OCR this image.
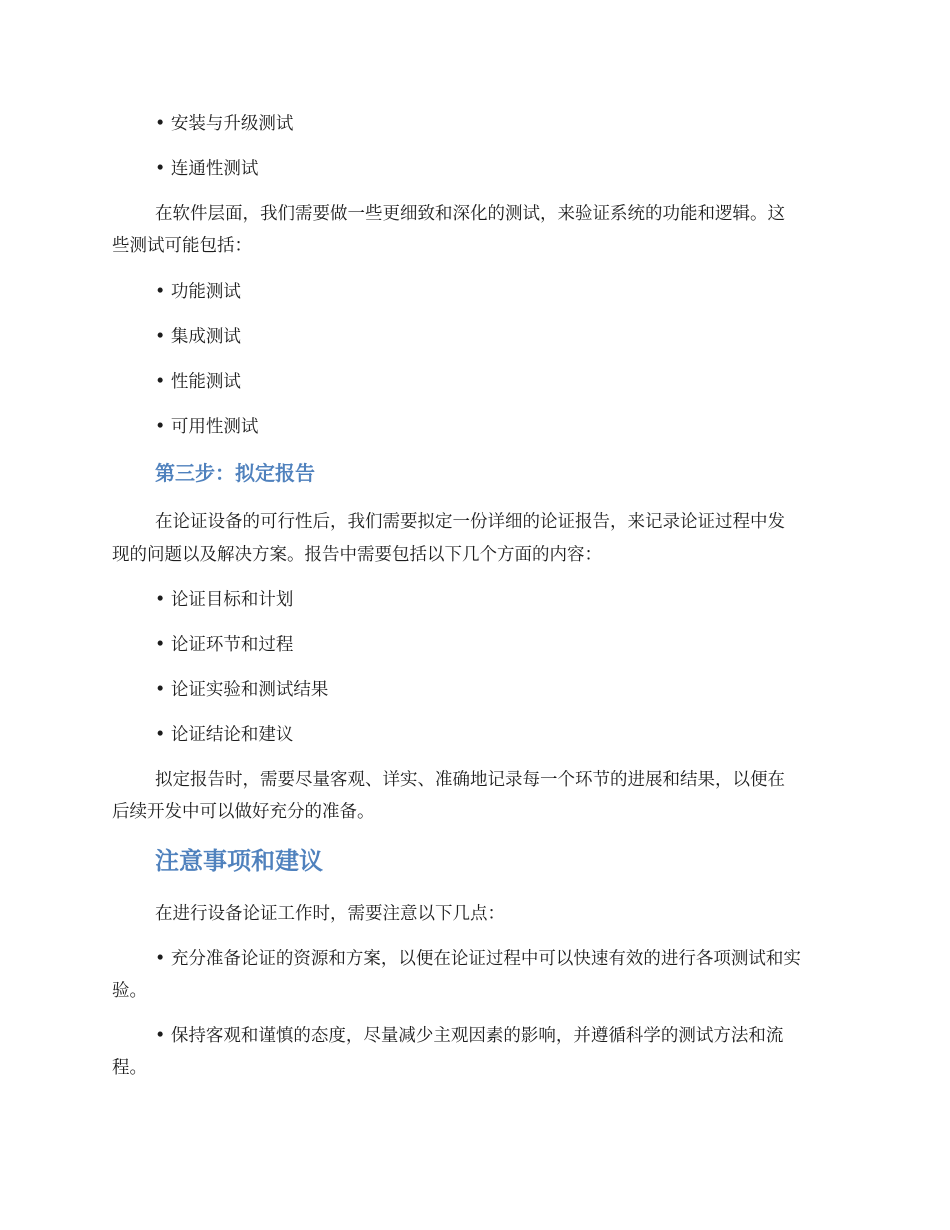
• 安装与升级测试
• 连通性测试
在软件层面，我们需要做一些更细致和深化的测试，来验证系统的功能和逻辑。这
些测试可能包括：
• 功能测试
• 集成测试
• 性能测试
• 可用性测试
第三步：拟定报告
在论证设备的可行性后，我们需要拟定一份详细的论证报告，来记录论证过程中发
现的问题以及解决方案。报告中需要包括以下几个方面的内容：
• 论证目标和计划
• 论证环节和过程
• 论证实验和测试结果
• 论证结论和建议
拟定报告时，需要尽量客观、详实、准确地记录每一个环节的进展和结果，以便在
后续开发中可以做好充分的准备。
注意事项和建议
在进行设备论证工作时，需要注意以下几点：
• 充分准备论证的资源和方案，以便在论证过程中可以快速有效的进行各项测试和实
验。
• 保持客观和谨慎的态度，尽量减少主观因素的影响，并遵循科学的测试方法和流
程。
